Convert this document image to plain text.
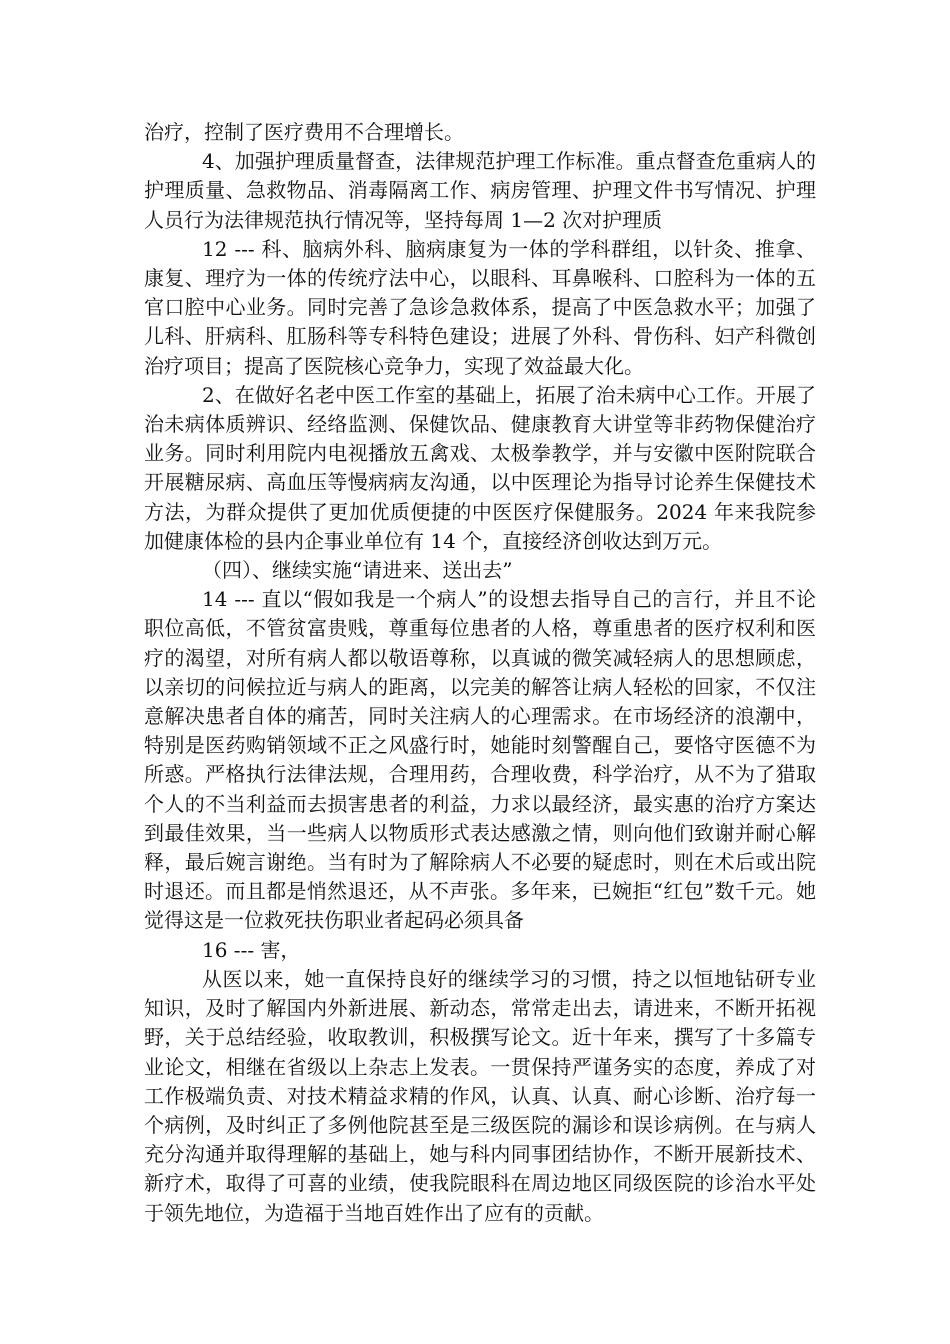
治疗，控制了医疗费用不合理增长。

4、加强护理质量督查，法律规范护理工作标准。重点督查危重病人的护理质量、急救物品、消毒隔离工作、病房管理、护理文件书写情况、护理人员行为法律规范执行情况等，坚持每周 1—2 次对护理质

12 --- 科、脑病外科、脑病康复为一体的学科群组，以针灸、推拿、康复、理疗为一体的传统疗法中心，以眼科、耳鼻喉科、口腔科为一体的五官口腔中心业务。同时完善了急诊急救体系，提高了中医急救水平；加强了儿科、肝病科、肛肠科等专科特色建设；进展了外科、骨伤科、妇产科微创治疗项目；提高了医院核心竞争力，实现了效益最大化。

2、在做好名老中医工作室的基础上，拓展了治未病中心工作。开展了治未病体质辨识、经络监测、保健饮品、健康教育大讲堂等非药物保健治疗业务。同时利用院内电视播放五禽戏、太极拳教学，并与安徽中医附院联合开展糖尿病、高血压等慢病病友沟通，以中医理论为指导讨论养生保健技术方法，为群众提供了更加优质便捷的中医医疗保健服务。2024 年来我院参加健康体检的县内企事业单位有 14 个，直接经济创收达到万元。

（四）、继续实施“请进来、送出去”

14 --- 直以“假如我是一个病人”的设想去指导自己的言行，并且不论职位高低，不管贫富贵贱，尊重每位患者的人格，尊重患者的医疗权利和医疗的渴望，对所有病人都以敬语尊称，以真诚的微笑减轻病人的思想顾虑，以亲切的问候拉近与病人的距离，以完美的解答让病人轻松的回家，不仅注意解决患者自体的痛苦，同时关注病人的心理需求。在市场经济的浪潮中，特别是医药购销领域不正之风盛行时，她能时刻警醒自己，要恪守医德不为所惑。严格执行法律法规，合理用药，合理收费，科学治疗，从不为了猎取个人的不当利益而去损害患者的利益，力求以最经济，最实惠的治疗方案达到最佳效果，当一些病人以物质形式表达感激之情，则向他们致谢并耐心解释，最后婉言谢绝。当有时为了解除病人不必要的疑虑时，则在术后或出院时退还。而且都是悄然退还，从不声张。多年来，已婉拒“红包”数千元。她觉得这是一位救死扶伤职业者起码必须具备

16 --- 害，

从医以来，她一直保持良好的继续学习的习惯，持之以恒地钻研专业知识，及时了解国内外新进展、新动态，常常走出去，请进来，不断开拓视野，关于总结经验，收取教训，积极撰写论文。近十年来，撰写了十多篇专业论文，相继在省级以上杂志上发表。一贯保持严谨务实的态度，养成了对工作极端负责、对技术精益求精的作风，认真、认真、耐心诊断、治疗每一个病例，及时纠正了多例他院甚至是三级医院的漏诊和误诊病例。在与病人充分沟通并取得理解的基础上，她与科内同事团结协作，不断开展新技术、新疗术，取得了可喜的业绩，使我院眼科在周边地区同级医院的诊治水平处于领先地位，为造福于当地百姓作出了应有的贡献。
